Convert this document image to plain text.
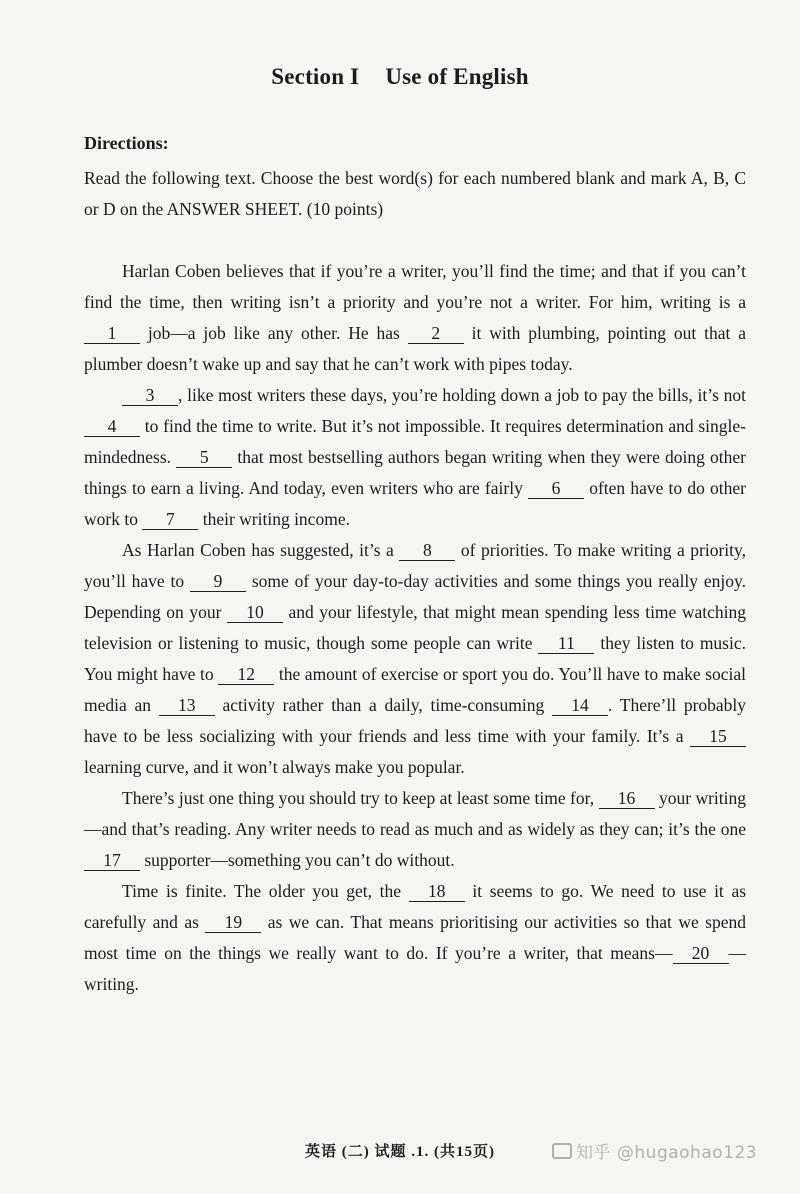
Section I Use of English
Directions:
Read the following text. Choose the best word(s) for each numbered blank and mark A, B, C or D on the ANSWER SHEET. (10 points)

Harlan Coben believes that if you’re a writer, you’ll find the time; and that if you can’t find the time, then writing isn’t a priority and you’re not a writer. For him, writing is a 1 job—a job like any other. He has 2 it with plumbing, pointing out that a plumber doesn’t wake up and say that he can’t work with pipes today.

3 , like most writers these days, you’re holding down a job to pay the bills, it’s not 4 to find the time to write. But it’s not impossible. It requires determination and single-mindedness. 5 that most bestselling authors began writing when they were doing other things to earn a living. And today, even writers who are fairly 6 often have to do other work to 7 their writing income.

As Harlan Coben has suggested, it’s a 8 of priorities. To make writing a priority, you’ll have to 9 some of your day-to-day activities and some things you really enjoy. Depending on your 10 and your lifestyle, that might mean spending less time watching television or listening to music, though some people can write 11 they listen to music. You might have to 12 the amount of exercise or sport you do. You’ll have to make social media an 13 activity rather than a daily, time-consuming 14 . There’ll probably have to be less socializing with your friends and less time with your family. It’s a 15 learning curve, and it won’t always make you popular.

There’s just one thing you should try to keep at least some time for, 16 your writing—and that’s reading. Any writer needs to read as much and as widely as they can; it’s the one 17 supporter—something you can’t do without.

Time is finite. The older you get, the 18 it seems to go. We need to use it as carefully and as 19 as we can. That means prioritising our activities so that we spend most time on the things we really want to do. If you’re a writer, that means— 20 —writing.

英语 (二) 试题 .1. (共15页)	知乎 @hugaohao123
